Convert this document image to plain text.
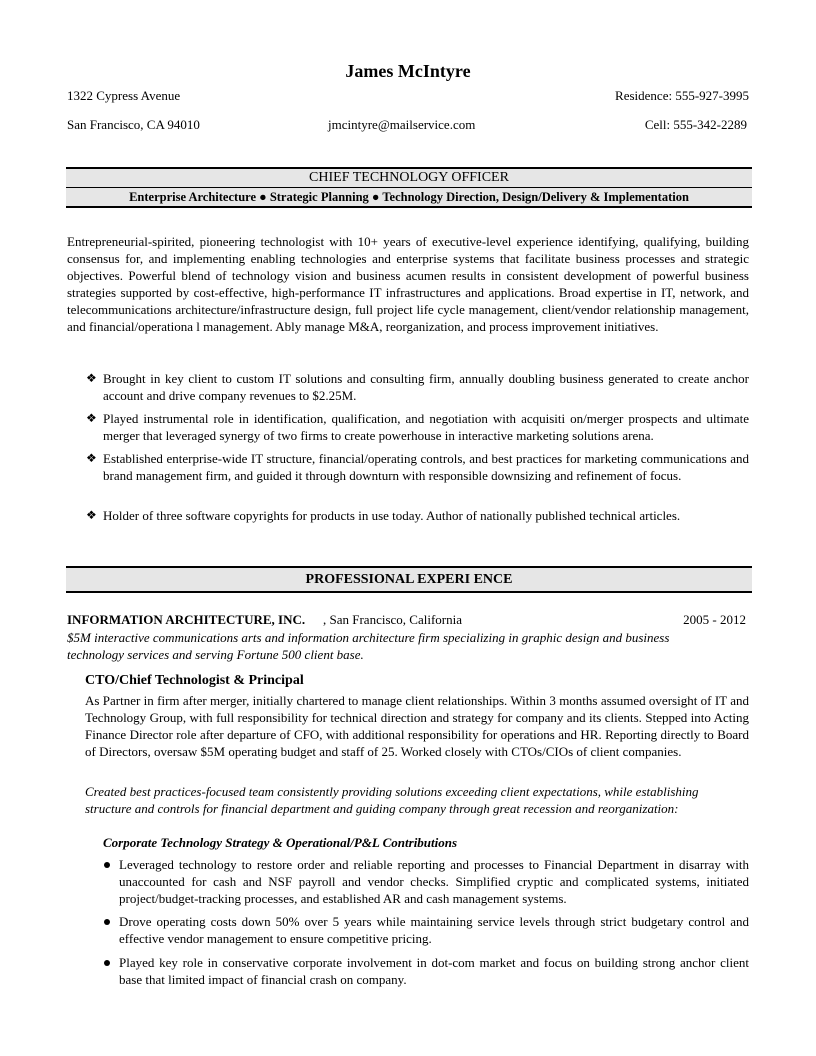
James McIntyre
1322 Cypress Avenue	Residence: 555-927-3995
San Francisco, CA 94010	jmcintyre@mailservice.com	Cell: 555-342-2289
CHIEF TECHNOLOGY OFFICER
Enterprise Architecture ● Strategic Planning ● Technology Direction, Design/Delivery & Implementation
Entrepreneurial-spirited, pioneering technologist with 10+ years of executive-level experience identifying, qualifying, building consensus for, and implementing enabling technologies and enterprise systems that facilitate business processes and strategic objectives. Powerful blend of technology vision and business acumen results in consistent development of powerful business strategies supported by cost-effective, high-performance IT infrastructures and applications. Broad expertise in IT, network, and telecommunications architecture/infrastructure design, full project life cycle management, client/vendor relationship management, and financial/operationa l management. Ably manage M&A, reorganization, and process improvement initiatives.
❖ Brought in key client to custom IT solutions and consulting firm, annually doubling business generated to create anchor account and drive company revenues to $2.25M.
❖ Played instrumental role in identification, qualification, and negotiation with acquisiti on/merger prospects and ultimate merger that leveraged synergy of two firms to create powerhouse in interactive marketing solutions arena.
❖ Established enterprise-wide IT structure, financial/operating controls, and best practices for marketing communications and brand management firm, and guided it through downturn with responsible downsizing and refinement of focus.
❖ Holder of three software copyrights for products in use today. Author of nationally published technical articles.
PROFESSIONAL EXPERI ENCE
INFORMATION ARCHITECTURE, INC. , San Francisco, California	2005 - 2012
$5M interactive communications arts and information architecture firm specializing in graphic design and business
technology services and serving Fortune 500 client base.
CTO/Chief Technologist & Principal
As Partner in firm after merger, initially chartered to manage client relationships. Within 3 months assumed oversight of IT and Technology Group, with full responsibility for technical direction and strategy for company and its clients. Stepped into Acting Finance Director role after departure of CFO, with additional responsibility for operations and HR. Reporting directly to Board of Directors, oversaw $5M operating budget and staff of 25. Worked closely with CTOs/CIOs of client companies.
Created best practices-focused team consistently providing solutions exceeding client expectations, while establishing
structure and controls for financial department and guiding company through great recession and reorganization:
Corporate Technology Strategy & Operational/P&L Contributions
Leveraged technology to restore order and reliable reporting and processes to Financial Department in disarray with unaccounted for cash and NSF payroll and vendor checks. Simplified cryptic and complicated systems, initiated project/budget-tracking processes, and established AR and cash management systems.
Drove operating costs down 50% over 5 years while maintaining service levels through strict budgetary control and effective vendor management to ensure competitive pricing.
Played key role in conservative corporate involvement in dot-com market and focus on building strong anchor client base that limited impact of financial crash on company.
